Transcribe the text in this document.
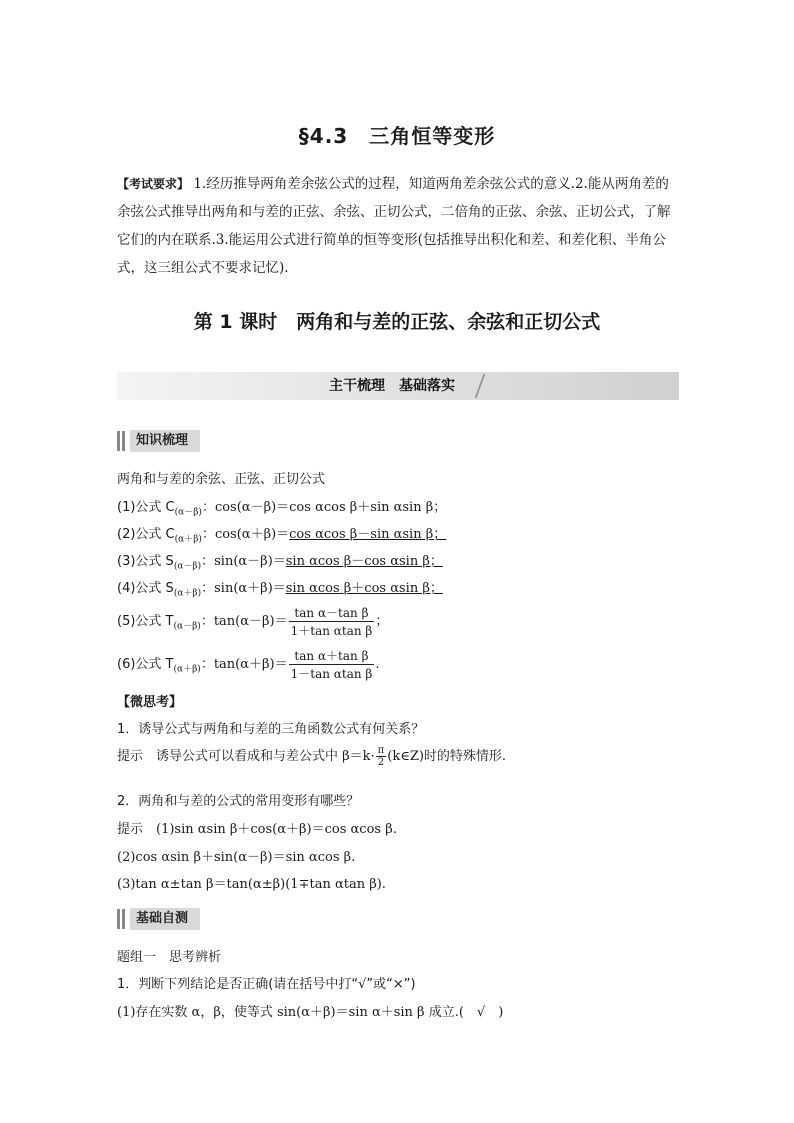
§4.3　三角恒等变形
【考试要求】 1.经历推导两角差余弦公式的过程，知道两角差余弦公式的意义.2.能从两角差的余弦公式推导出两角和与差的正弦、余弦、正切公式，二倍角的正弦、余弦、正切公式，了解它们的内在联系.3.能运用公式进行简单的恒等变形(包括推导出积化和差、和差化积、半角公式，这三组公式不要求记忆).
第 1 课时　两角和与差的正弦、余弦和正切公式
主干梳理　基础落实
知识梳理
两角和与差的余弦、正弦、正切公式
(1)公式 $C_{(\alpha-\beta)}$：cos(α－β)＝cos αcos β＋sin αsin β；
(2)公式 $C_{(\alpha+\beta)}$：cos(α＋β)＝cos αcos β－sin αsin β；
(3)公式 $S_{(\alpha-\beta)}$：sin(α－β)＝sin αcos β－cos αsin β；
(4)公式 $S_{(\alpha+\beta)}$：sin(α＋β)＝sin αcos β＋cos αsin β；
(5)公式 $T_{(\alpha-\beta)}$：$\tan(\alpha-\beta)= \frac{\text{tan α－tan β}}{\text{1＋tan αtan β}}$ ；
(6)公式 $T_{(\alpha+\beta)}$：$\tan(\alpha+\beta)= \frac{\text{tan α＋tan β}}{\text{1－tan αtan β}}$ .
【微思考】
1．诱导公式与两角和与差的三角函数公式有何关系？
提示　诱导公式可以看成和与差公式中 $\beta=k\cdot \frac{\pi}{2}$ (k∈Z)时的特殊情形.
2．两角和与差的公式的常用变形有哪些？
提示　(1)sin αsin β＋cos(α＋β)＝cos αcos β.
(2)cos αsin β＋sin(α－β)＝sin αcos β.
(3)tan α±tan β＝tan(α±β)(1∓tan αtan β).
基础自测
题组一　思考辨析
1．判断下列结论是否正确(请在括号中打“√”或“×”)
(1)存在实数 α，β，使等式 sin(α＋β)＝sin α＋sin β 成立.(　√　)
